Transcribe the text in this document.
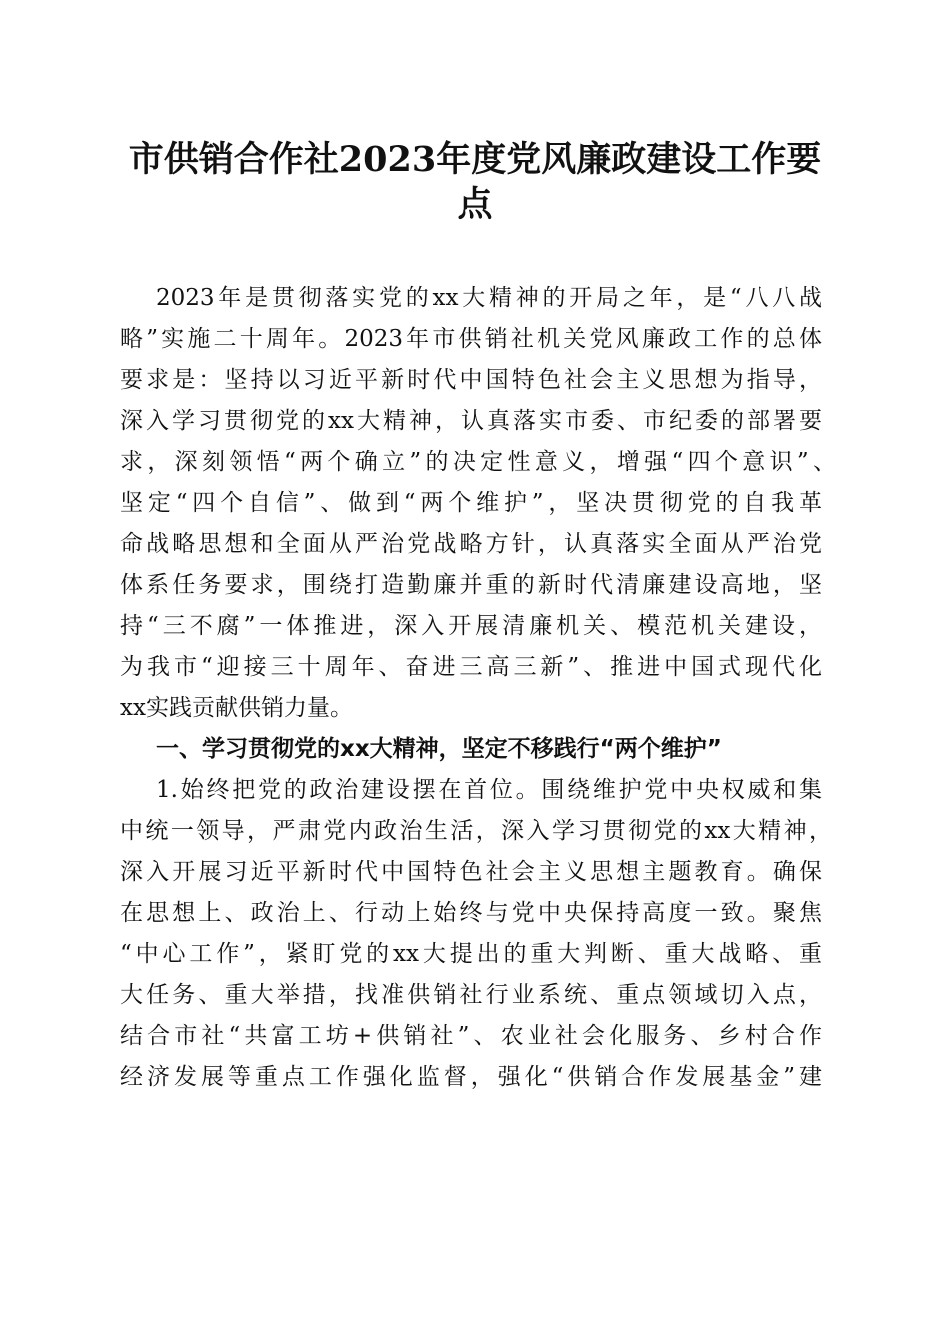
市供销合作社2023年度党风廉政建设工作要
点
2023年是贯彻落实党的xx大精神的开局之年，是“八八战
略”实施二十周年。2023年市供销社机关党风廉政工作的总体
要求是：坚持以习近平新时代中国特色社会主义思想为指导，
深入学习贯彻党的xx大精神，认真落实市委、市纪委的部署要
求，深刻领悟“两个确立”的决定性意义，增强“四个意识”、
坚定“四个自信”、做到“两个维护”，坚决贯彻党的自我革
命战略思想和全面从严治党战略方针，认真落实全面从严治党
体系任务要求，围绕打造勤廉并重的新时代清廉建设高地，坚
持“三不腐”一体推进，深入开展清廉机关、模范机关建设，
为我市“迎接三十周年、奋进三高三新”、推进中国式现代化
xx实践贡献供销力量。
一、学习贯彻党的xx大精神，坚定不移践行“两个维护”
1.始终把党的政治建设摆在首位。围绕维护党中央权威和集
中统一领导，严肃党内政治生活，深入学习贯彻党的xx大精神，
深入开展习近平新时代中国特色社会主义思想主题教育。确保
在思想上、政治上、行动上始终与党中央保持高度一致。聚焦
“中心工作”，紧盯党的xx大提出的重大判断、重大战略、重
大任务、重大举措，找准供销社行业系统、重点领域切入点，
结合市社“共富工坊+供销社”、农业社会化服务、乡村合作
经济发展等重点工作强化监督，强化“供销合作发展基金”建
